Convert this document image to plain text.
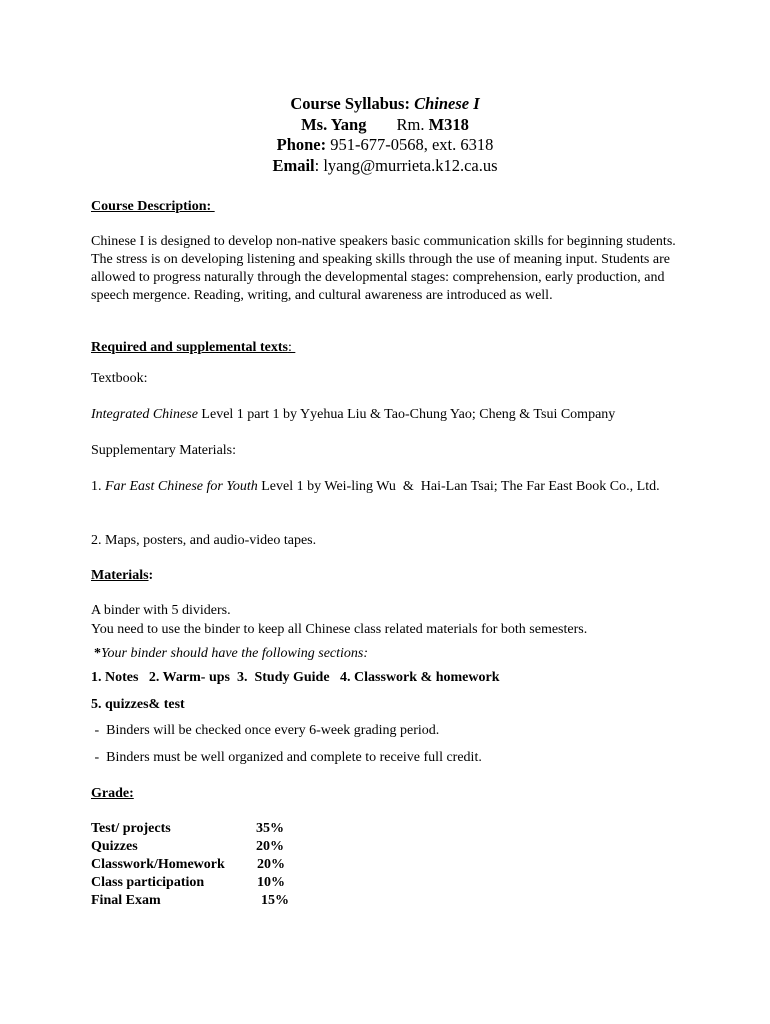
Course Syllabus: Chinese I
Ms. Yang Rm. M318
Phone: 951-677-0568, ext. 6318
Email: lyang@murrieta.k12.ca.us
Course Description:
Chinese I is designed to develop non-native speakers basic communication skills for beginning students. The stress is on developing listening and speaking skills through the use of meaning input. Students are allowed to progress naturally through the developmental stages: comprehension, early production, and speech mergence. Reading, writing, and cultural awareness are introduced as well.
Required and supplemental texts:
Textbook:
Integrated Chinese Level 1 part 1 by Yyehua Liu & Tao-Chung Yao; Cheng & Tsui Company
Supplementary Materials:
1. Far East Chinese for Youth Level 1 by Wei-ling Wu  &  Hai-Lan Tsai; The Far East Book Co., Ltd.
2. Maps, posters, and audio-video tapes.
Materials:
A binder with 5 dividers.
You need to use the binder to keep all Chinese class related materials for both semesters.
*Your binder should have the following sections:
1. Notes   2. Warm- ups  3.  Study Guide   4. Classwork & homework
5. quizzes& test
-  Binders will be checked once every 6-week grading period.
-  Binders must be well organized and complete to receive full credit.
Grade:
Test/ projects	35%
Quizzes	20%
Classwork/Homework 20%
Class participation	10%
Final Exam	15%
